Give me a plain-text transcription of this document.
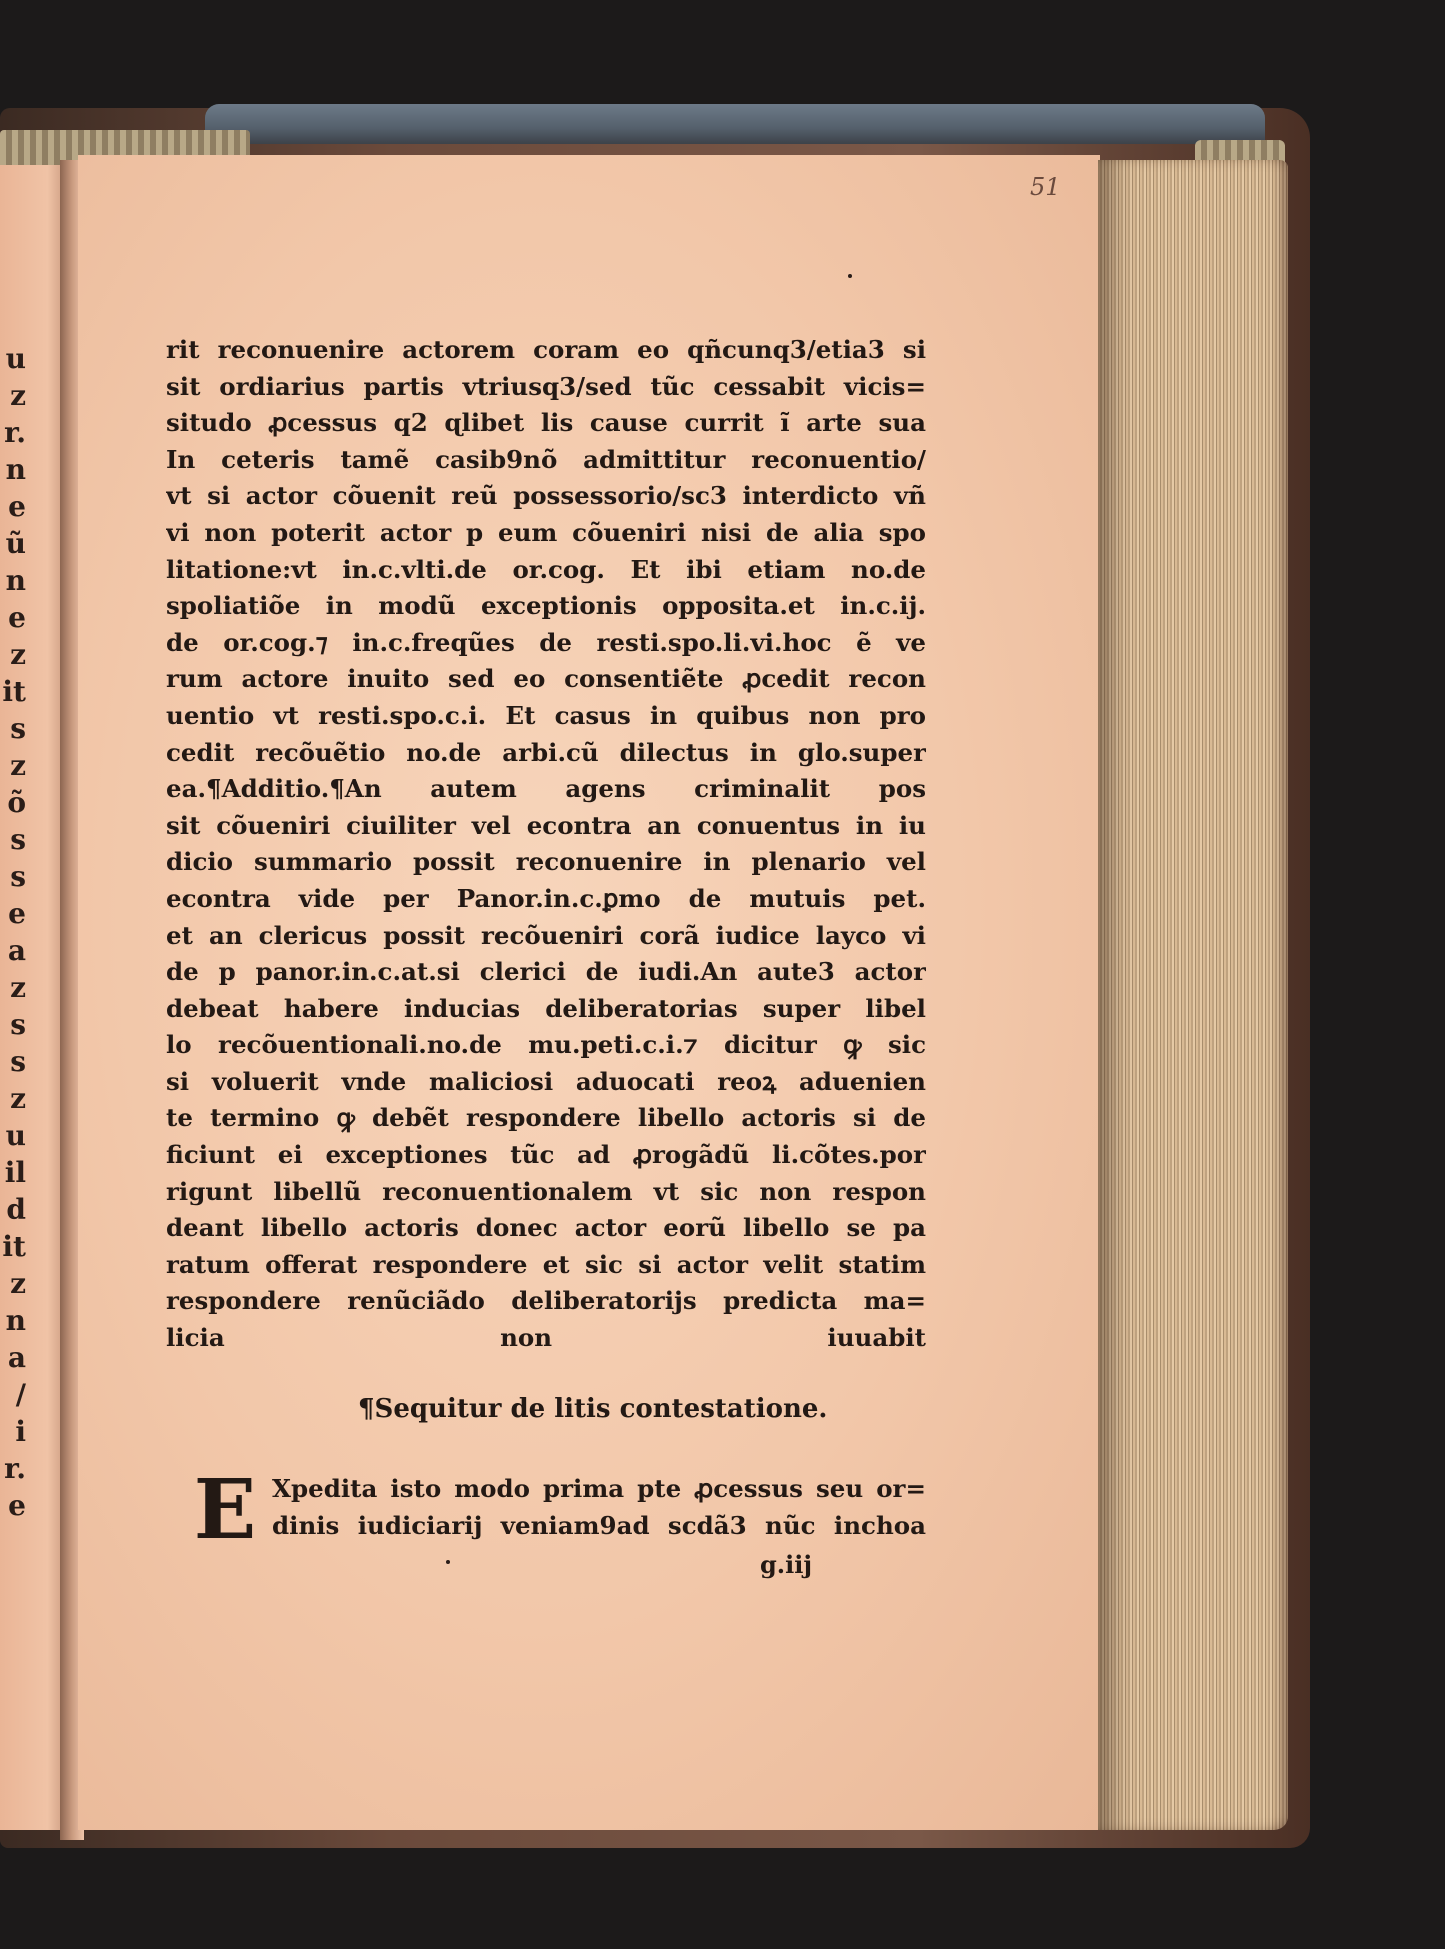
u
z
r.
n
e
ũ
n
e
z
it
s
z
õ
s
s
e
a
z
s
s
z
u
il
d
it
z
n
a
/
i
r.
e
51
rit reconuenire actorem coram eo qñcunq3/etia3 si
sit ordiarius partis vtriusq3/sed tũc cessabit vicis=
situdo ꝓcessus q2 ɋlibet lis cause currit ĩ arte sua
In ceteris tamẽ casib9nõ admittitur reconuentio/
vt si actor cõuenit reũ possessorio/sc3 interdicto vñ
vi non poterit actor p eum cõueniri nisi de alia spo
litatione:vt in.c.vlti.de or.cog. Et ibi etiam no.de
spoliatiõe in modũ exceptionis opposita.et in.c.ij.
de or.cog.⁊ in.c.freqũes de resti.spo.li.vi.hoc ẽ ve
rum actore inuito sed eo consentiẽte ꝓcedit recon
uentio vt resti.spo.c.i. Et casus in quibus non pro
cedit recõuẽtio no.de arbi.cũ dilectus in glo.super
ea.¶Additio.¶An autem agens criminalit pos
sit cõueniri ciuiliter vel econtra an conuentus in iu
dicio summario possit reconuenire in plenario vel
econtra vide per Panor.in.c.ꝑmo de mutuis pet.
et an clericus possit recõueniri corã iudice layco vi
de p panor.in.c.at.si clerici de iudi.An aute3 actor
debeat habere inducias deliberatorias super libel
lo recõuentionali.no.de mu.peti.c.i.⁊ dicitur ꝙ sic
si voluerit vnde maliciosi aduocati reoꝝ aduenien
te termino ꝙ debẽt respondere libello actoris si de
ficiunt ei exceptiones tũc ad ꝓrogãdũ li.cõtes.por
rigunt libellũ reconuentionalem vt sic non respon
deant libello actoris donec actor eorũ libello se pa
ratum offerat respondere et sic si actor velit statim
respondere renũciãdo deliberatorijs predicta ma=
licia non iuuabit
¶Sequitur de litis contestatione.
E Xpedita isto modo prima pte ꝓcessus seu or=
dinis iudiciarij veniam9ad scdã3 nũc inchoa
g.iij
